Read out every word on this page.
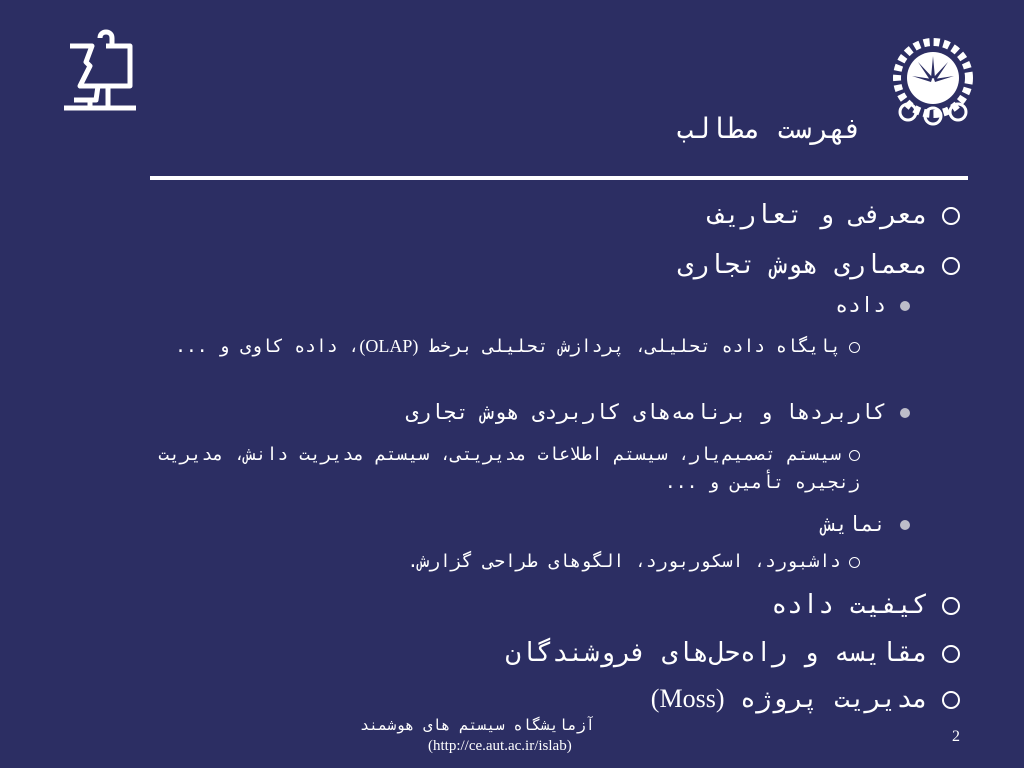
فهرست مطالب
معرفی و تعاریف
معماری هوش تجاری
داده
پایگاه داده تحلیلی، پردازش تحلیلی برخط (OLAP)، داده کاوی و ...
کاربردها و برنامه‌های کاربردی هوش تجاری
سیستم تصمیم‌یار، سیستم اطلاعات مدیریتی، سیستم مدیریت دانش، مدیریت زنجیره تأمین و ...
نمایش
داشبورد، اسکوربورد، الگوهای طراحی گزارش.
کیفیت داده
مقایسه و راه‌حل‌های فروشندگان
مدیریت پروژه (Moss)
آزمایشگاه سیستم های هوشمند
(http://ce.aut.ac.ir/islab)
2
